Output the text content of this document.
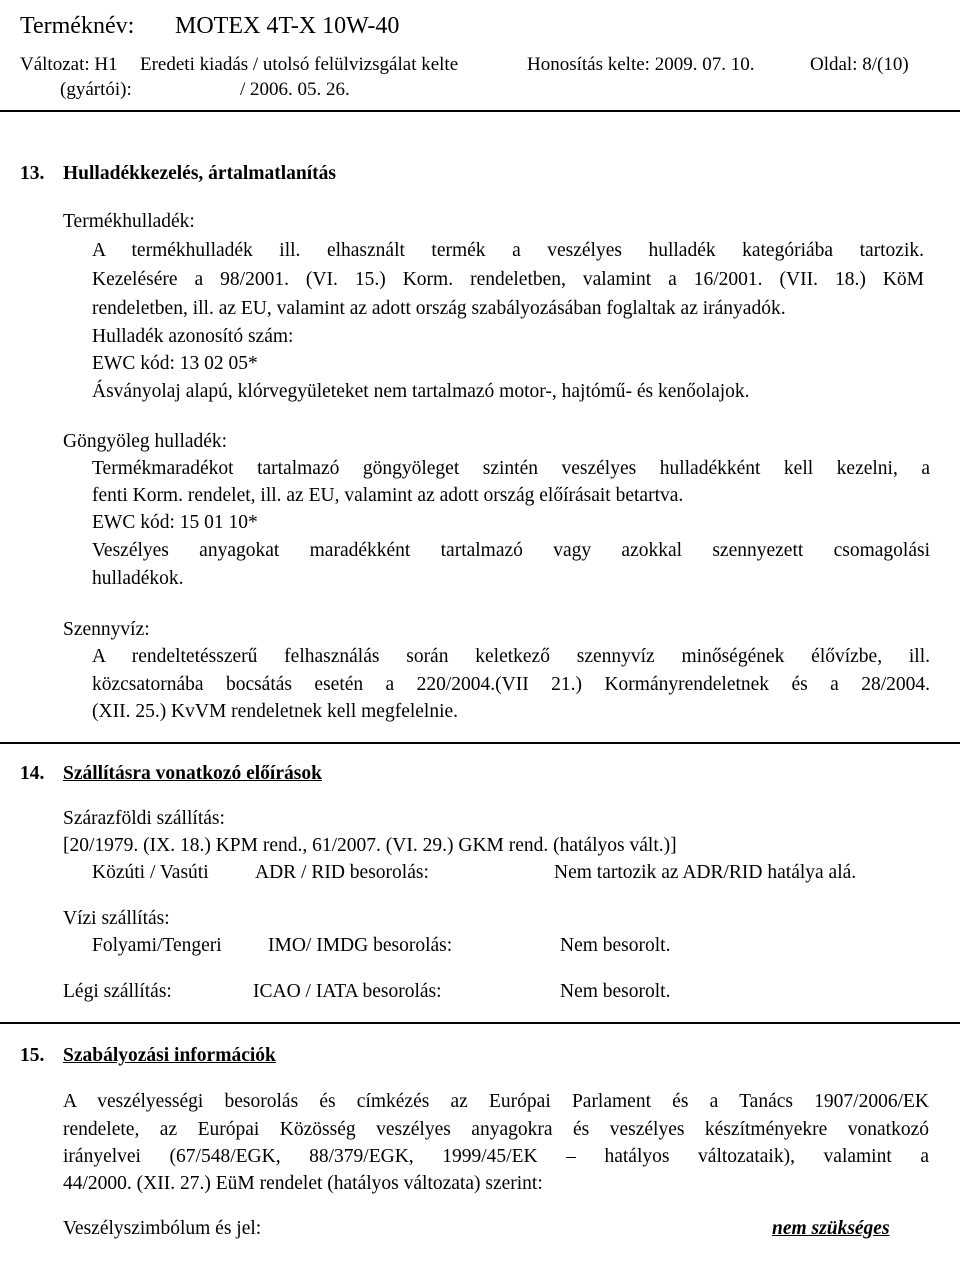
Terméknév: MOTEX 4T-X 10W-40
Változat: H1 Eredeti kiadás / utolsó felülvizsgálat kelte	Honosítás kelte: 2009. 07. 10.	Oldal: 8/(10)
(gyártói):	/ 2006. 05. 26.
13. Hulladékkezelés, ártalmatlanítás
Termékhulladék:
A termékhulladék ill. elhasznált termék a veszélyes hulladék kategóriába tartozik.
Kezelésére a 98/2001. (VI. 15.) Korm. rendeletben, valamint a 16/2001. (VII. 18.) KöM
rendeletben, ill. az EU, valamint az adott ország szabályozásában foglaltak az irányadók.
Hulladék azonosító szám:
EWC kód: 13 02 05*
Ásványolaj alapú, klórvegyületeket nem tartalmazó motor-, hajtómű- és kenőolajok.
Göngyöleg hulladék:
Termékmaradékot tartalmazó göngyöleget szintén veszélyes hulladékként kell kezelni, a
fenti Korm. rendelet, ill. az EU, valamint az adott ország előírásait betartva.
EWC kód: 15 01 10*
Veszélyes anyagokat maradékként tartalmazó vagy azokkal szennyezett csomagolási
hulladékok.
Szennyvíz:
A rendeltetésszerű felhasználás során keletkező szennyvíz minőségének élővízbe, ill.
közcsatornába bocsátás esetén a 220/2004.(VII 21.) Kormányrendeletnek és a 28/2004.
(XII. 25.) KvVM rendeletnek kell megfelelnie.
14. Szállításra vonatkozó előírások
Szárazföldi szállítás:
[20/1979. (IX. 18.) KPM rend., 61/2007. (VI. 29.) GKM rend. (hatályos vált.)]
Közúti / Vasúti ADR / RID besorolás:	Nem tartozik az ADR/RID hatálya alá.
Vízi szállítás:
Folyami/Tengeri IMO/ IMDG besorolás:	Nem besorolt.
Légi szállítás:	ICAO / IATA besorolás:	Nem besorolt.
15. Szabályozási információk
A veszélyességi besorolás és címkézés az Európai Parlament és a Tanács 1907/2006/EK
rendelete, az Európai Közösség veszélyes anyagokra és veszélyes készítményekre vonatkozó
irányelvei (67/548/EGK, 88/379/EGK, 1999/45/EK – hatályos változataik), valamint a
44/2000. (XII. 27.) EüM rendelet (hatályos változata) szerint:
Veszélyszimbólum és jel:	nem szükséges
